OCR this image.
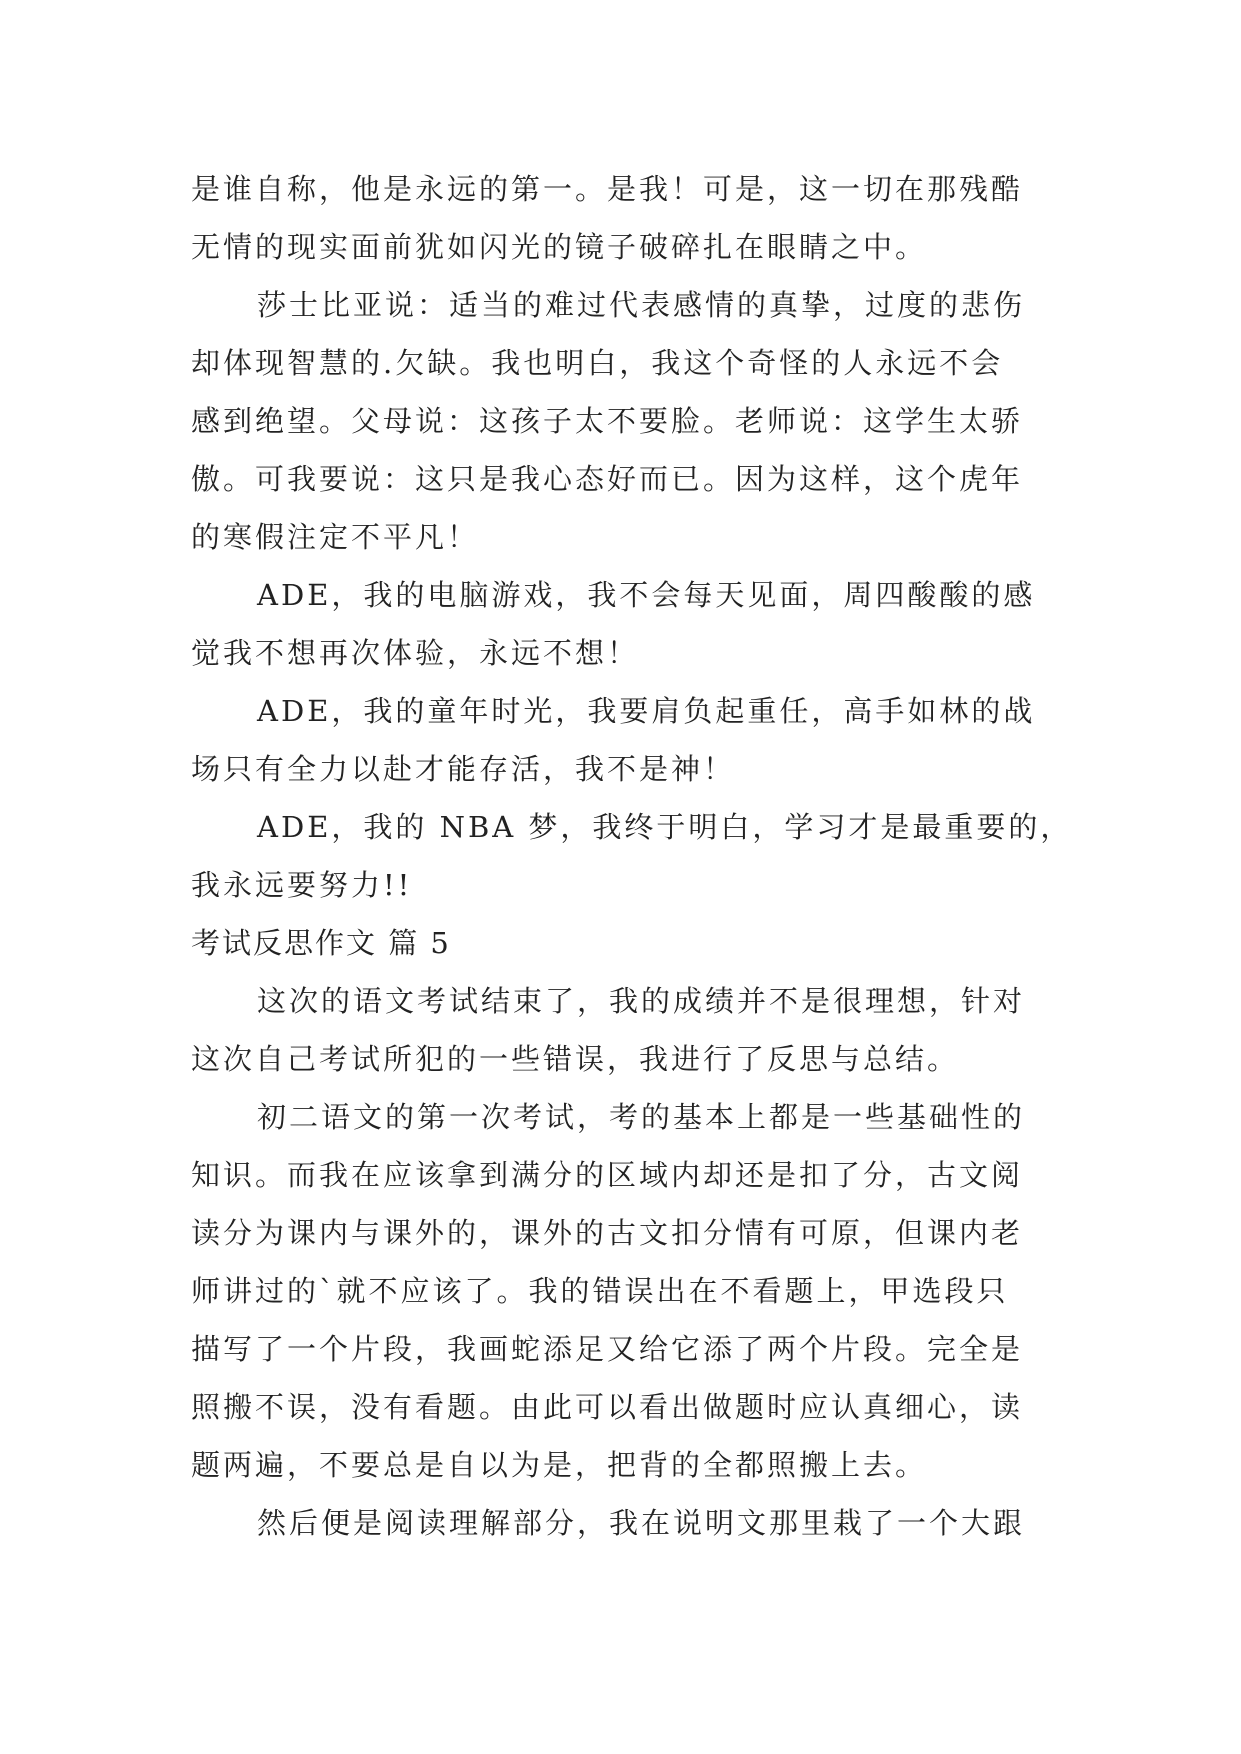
是谁自称，他是永远的第一。是我！可是，这一切在那残酷
无情的现实面前犹如闪光的镜子破碎扎在眼睛之中。
莎士比亚说：适当的难过代表感情的真挚，过度的悲伤
却体现智慧的.欠缺。我也明白，我这个奇怪的人永远不会
感到绝望。父母说：这孩子太不要脸。老师说：这学生太骄
傲。可我要说：这只是我心态好而已。因为这样，这个虎年
的寒假注定不平凡！
ADE，我的电脑游戏，我不会每天见面，周四酸酸的感
觉我不想再次体验，永远不想！
ADE，我的童年时光，我要肩负起重任，高手如林的战
场只有全力以赴才能存活，我不是神！
ADE，我的 NBA 梦，我终于明白，学习才是最重要的，
我永远要努力!!
考试反思作文 篇 5
这次的语文考试结束了，我的成绩并不是很理想，针对
这次自己考试所犯的一些错误，我进行了反思与总结。
初二语文的第一次考试，考的基本上都是一些基础性的
知识。而我在应该拿到满分的区域内却还是扣了分，古文阅
读分为课内与课外的，课外的古文扣分情有可原，但课内老
师讲过的`就不应该了。我的错误出在不看题上，甲选段只
描写了一个片段，我画蛇添足又给它添了两个片段。完全是
照搬不误，没有看题。由此可以看出做题时应认真细心，读
题两遍，不要总是自以为是，把背的全都照搬上去。
然后便是阅读理解部分，我在说明文那里栽了一个大跟
